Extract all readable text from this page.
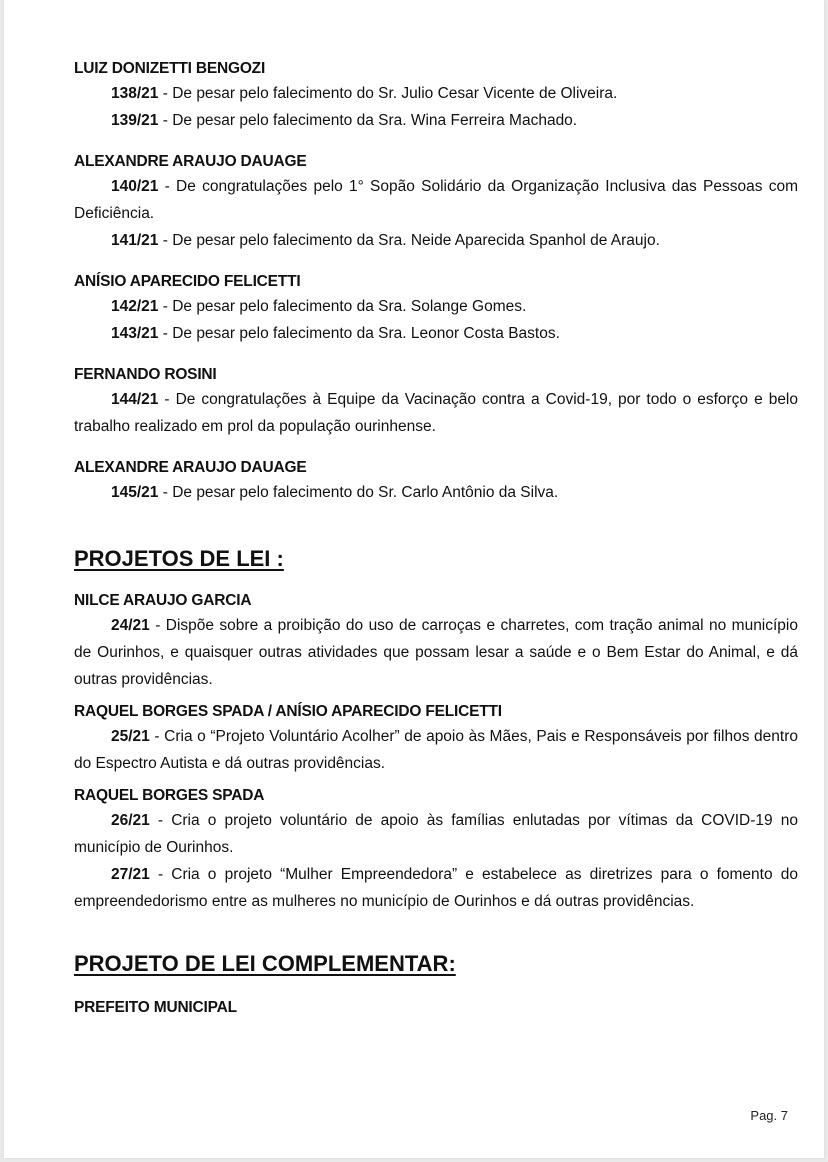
LUIZ DONIZETTI BENGOZI

138/21 - De pesar pelo falecimento do Sr. Julio Cesar Vicente de Oliveira.

139/21 - De pesar pelo falecimento da Sra. Wina Ferreira Machado.

ALEXANDRE ARAUJO DAUAGE

140/21 - De congratulações pelo 1° Sopão Solidário da Organização Inclusiva das Pessoas com Deficiência.

141/21 - De pesar pelo falecimento da Sra. Neide Aparecida Spanhol de Araujo.

ANÍSIO APARECIDO FELICETTI

142/21 - De pesar pelo falecimento da Sra. Solange Gomes.

143/21 - De pesar pelo falecimento da Sra. Leonor Costa Bastos.

FERNANDO ROSINI

144/21 - De congratulações à Equipe da Vacinação contra a Covid-19, por todo o esforço e belo trabalho realizado em prol da população ourinhense.

ALEXANDRE ARAUJO DAUAGE

145/21 - De pesar pelo falecimento do Sr. Carlo Antônio da Silva.

PROJETOS DE LEI :

NILCE ARAUJO GARCIA

24/21 - Dispõe sobre a proibição do uso de carroças e charretes, com tração animal no município de Ourinhos, e quaisquer outras atividades que possam lesar a saúde e o Bem Estar do Animal, e dá outras providências.

RAQUEL BORGES SPADA / ANÍSIO APARECIDO FELICETTI

25/21 - Cria o “Projeto Voluntário Acolher” de apoio às Mães, Pais e Responsáveis por filhos dentro do Espectro Autista e dá outras providências.

RAQUEL BORGES SPADA

26/21 - Cria o projeto voluntário de apoio às famílias enlutadas por vítimas da COVID-19 no município de Ourinhos.

27/21 - Cria o projeto “Mulher Empreendedora” e estabelece as diretrizes para o fomento do empreendedorismo entre as mulheres no município de Ourinhos e dá outras providências.

PROJETO DE LEI COMPLEMENTAR:

PREFEITO MUNICIPAL

Pag. 7
